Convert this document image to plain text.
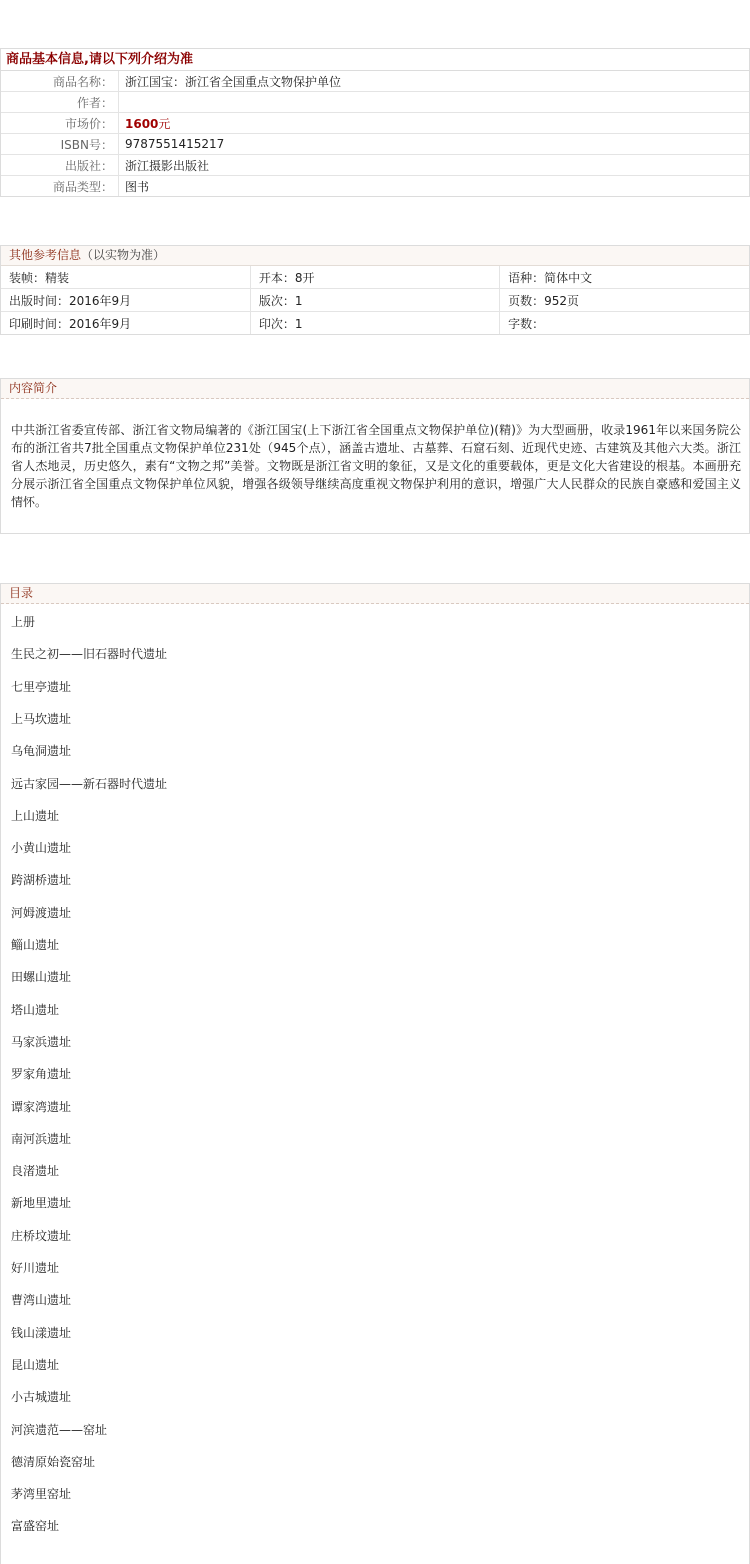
商品基本信息,请以下列介绍为准
商品名称：	浙江国宝：浙江省全国重点文物保护单位
作者：	
市场价：	1600元
ISBN号：	9787551415217
出版社：	浙江摄影出版社
商品类型：	图书
其他参考信息（以实物为准）
装帧：精装	开本：8开	语种：简体中文
出版时间：2016年9月	版次：1	页数：952页
印刷时间：2016年9月	印次：1	字数：
内容简介
中共浙江省委宣传部、浙江省文物局编著的《浙江国宝(上下浙江省全国重点文物保护单位)(精)》为大型画册，收录1961年以来国务院公布的浙江省共7批全国重点文物保护单位231处（945个点），涵盖古遗址、古墓葬、石窟石刻、近现代史迹、古建筑及其他六大类。浙江省人杰地灵，历史悠久，素有“文物之邦”美誉。文物既是浙江省文明的象征，又是文化的重要载体，更是文化大省建设的根基。本画册充分展示浙江省全国重点文物保护单位风貌，增强各级领导继续高度重视文物保护利用的意识，增强广大人民群众的民族自豪感和爱国主义情怀。
目录
上册
生民之初——旧石器时代遗址
七里亭遗址
上马坎遗址
乌龟洞遗址
远古家园——新石器时代遗址
上山遗址
小黄山遗址
跨湖桥遗址
河姆渡遗址
鲻山遗址
田螺山遗址
塔山遗址
马家浜遗址
罗家角遗址
谭家湾遗址
南河浜遗址
良渚遗址
新地里遗址
庄桥坟遗址
好川遗址
曹湾山遗址
钱山漾遗址
昆山遗址
小古城遗址
河滨遗范——窑址
德清原始瓷窑址
茅湾里窑址
富盛窑址
